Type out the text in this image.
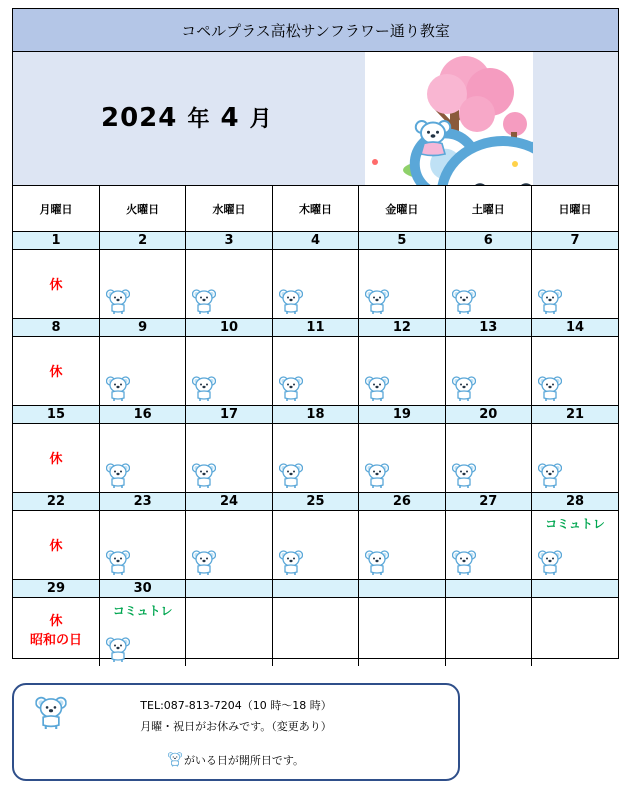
コペルプラス高松サンフラワー通り教室
2024 年 4 月
月曜日	火曜日	水曜日	木曜日	金曜日	土曜日	日曜日
1	2	3	4	5	6	7

休

8	9	10	11	12	13	14

休

15	16	17	18	19	20	21

休

22	23	24	25	26	27	28

休						コミュトレ

29	30					

休
昭和の日	コミュトレ					

TEL:087-813-7204（10 時～18 時）
月曜・祝日がお休みです。（変更あり）
がいる日が開所日です。
